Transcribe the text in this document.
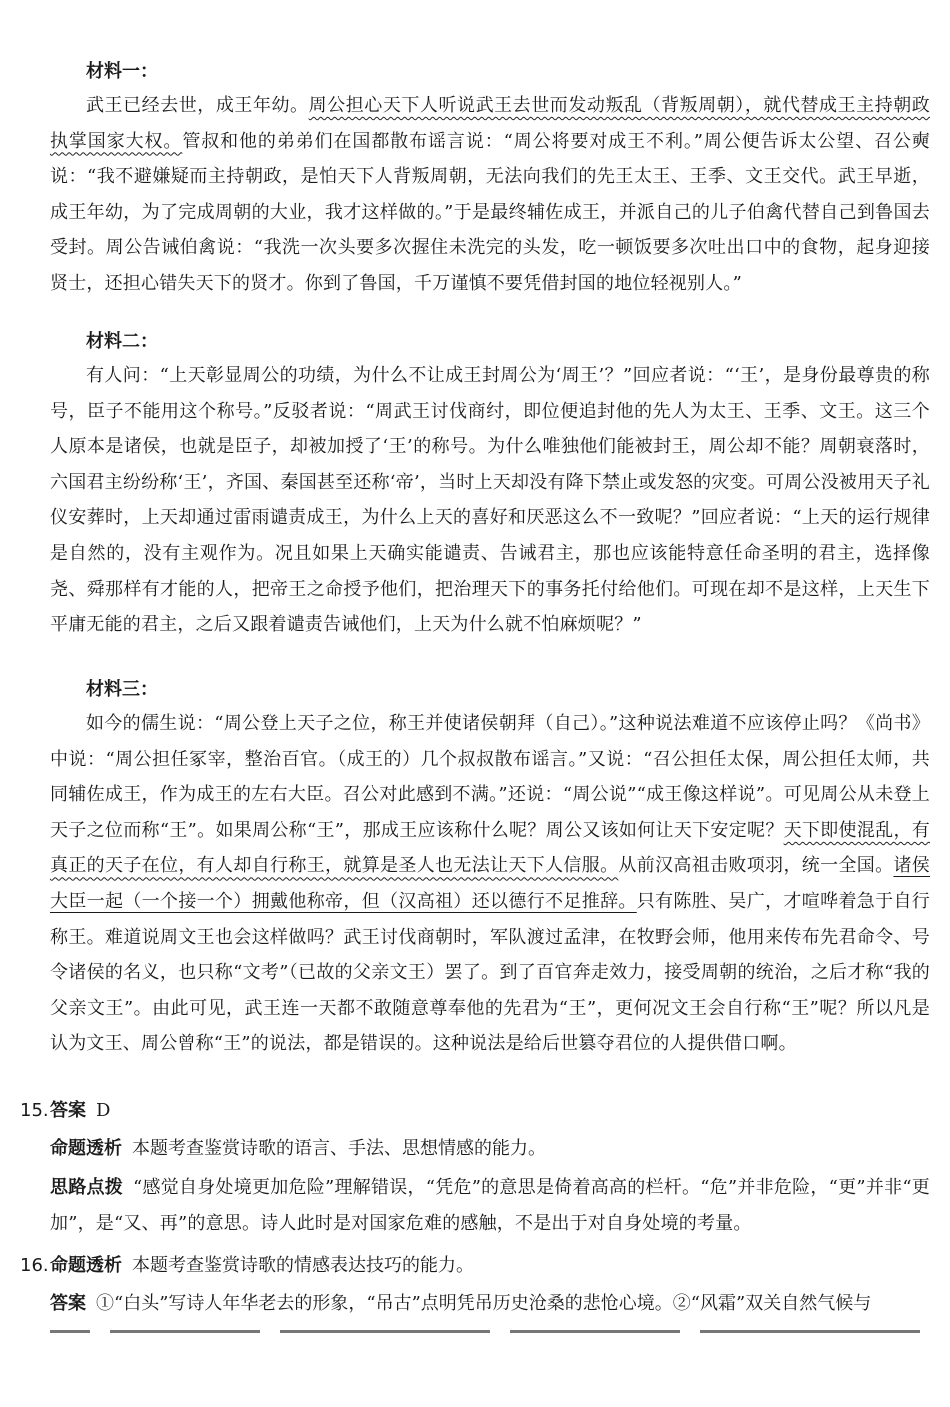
材料一：
武王已经去世，成王年幼。周公担心天下人听说武王去世而发动叛乱（背叛周朝），就代替成王主持朝政执掌国家大权。管叔和他的弟弟们在国都散布谣言说：“周公将要对成王不利。”周公便告诉太公望、召公奭说：“我不避嫌疑而主持朝政，是怕天下人背叛周朝，无法向我们的先王太王、王季、文王交代。武王早逝，成王年幼，为了完成周朝的大业，我才这样做的。”于是最终辅佐成王，并派自己的儿子伯禽代替自己到鲁国去受封。周公告诫伯禽说：“我洗一次头要多次握住未洗完的头发，吃一顿饭要多次吐出口中的食物，起身迎接贤士，还担心错失天下的贤才。你到了鲁国，千万谨慎不要凭借封国的地位轻视别人。”
材料二：
有人问：“上天彰显周公的功绩，为什么不让成王封周公为‘周王’？”回应者说：“‘王’，是身份最尊贵的称号，臣子不能用这个称号。”反驳者说：“周武王讨伐商纣，即位便追封他的先人为太王、王季、文王。这三个人原本是诸侯，也就是臣子，却被加授了‘王’的称号。为什么唯独他们能被封王，周公却不能？周朝衰落时，六国君主纷纷称‘王’，齐国、秦国甚至还称‘帝’，当时上天却没有降下禁止或发怒的灾变。可周公没被用天子礼仪安葬时，上天却通过雷雨谴责成王，为什么上天的喜好和厌恶这么不一致呢？”回应者说：“上天的运行规律是自然的，没有主观作为。况且如果上天确实能谴责、告诫君主，那也应该能特意任命圣明的君主，选择像尧、舜那样有才能的人，把帝王之命授予他们，把治理天下的事务托付给他们。可现在却不是这样，上天生下平庸无能的君主，之后又跟着谴责告诫他们，上天为什么就不怕麻烦呢？”
材料三：
如今的儒生说：“周公登上天子之位，称王并使诸侯朝拜（自己）。”这种说法难道不应该停止吗？《尚书》中说：“周公担任冢宰，整治百官。（成王的）几个叔叔散布谣言。”又说：“召公担任太保，周公担任太师，共同辅佐成王，作为成王的左右大臣。召公对此感到不满。”还说：“周公说”“成王像这样说”。可见周公从未登上天子之位而称“王”。如果周公称“王”，那成王应该称什么呢？周公又该如何让天下安定呢？天下即使混乱，有真正的天子在位，有人却自行称王，就算是圣人也无法让天下人信服。从前汉高祖击败项羽，统一全国。诸侯大臣一起（一个接一个）拥戴他称帝，但（汉高祖）还以德行不足推辞。只有陈胜、吴广，才喧哗着急于自行称王。难道说周文王也会这样做吗？武王讨伐商朝时，军队渡过孟津，在牧野会师，他用来传布先君命令、号令诸侯的名义，也只称“文考”（已故的父亲文王）罢了。到了百官奔走效力，接受周朝的统治，之后才称“我的父亲文王”。由此可见，武王连一天都不敢随意尊奉他的先君为“王”，更何况文王会自行称“王”呢？所以凡是认为文王、周公曾称“王”的说法，都是错误的。这种说法是给后世篡夺君位的人提供借口啊。
15. 答案 D
命题透析 本题考查鉴赏诗歌的语言、手法、思想情感的能力。
思路点拨 “感觉自身处境更加危险”理解错误，“凭危”的意思是倚着高高的栏杆。“危”并非危险，“更”并非“更加”，是“又、再”的意思。诗人此时是对国家危难的感触，不是出于对自身处境的考量。
16. 命题透析 本题考查鉴赏诗歌的情感表达技巧的能力。
答案 ①“白头”写诗人年华老去的形象，“吊古”点明凭吊历史沧桑的悲怆心境。②“风霜”双关自然气候与
